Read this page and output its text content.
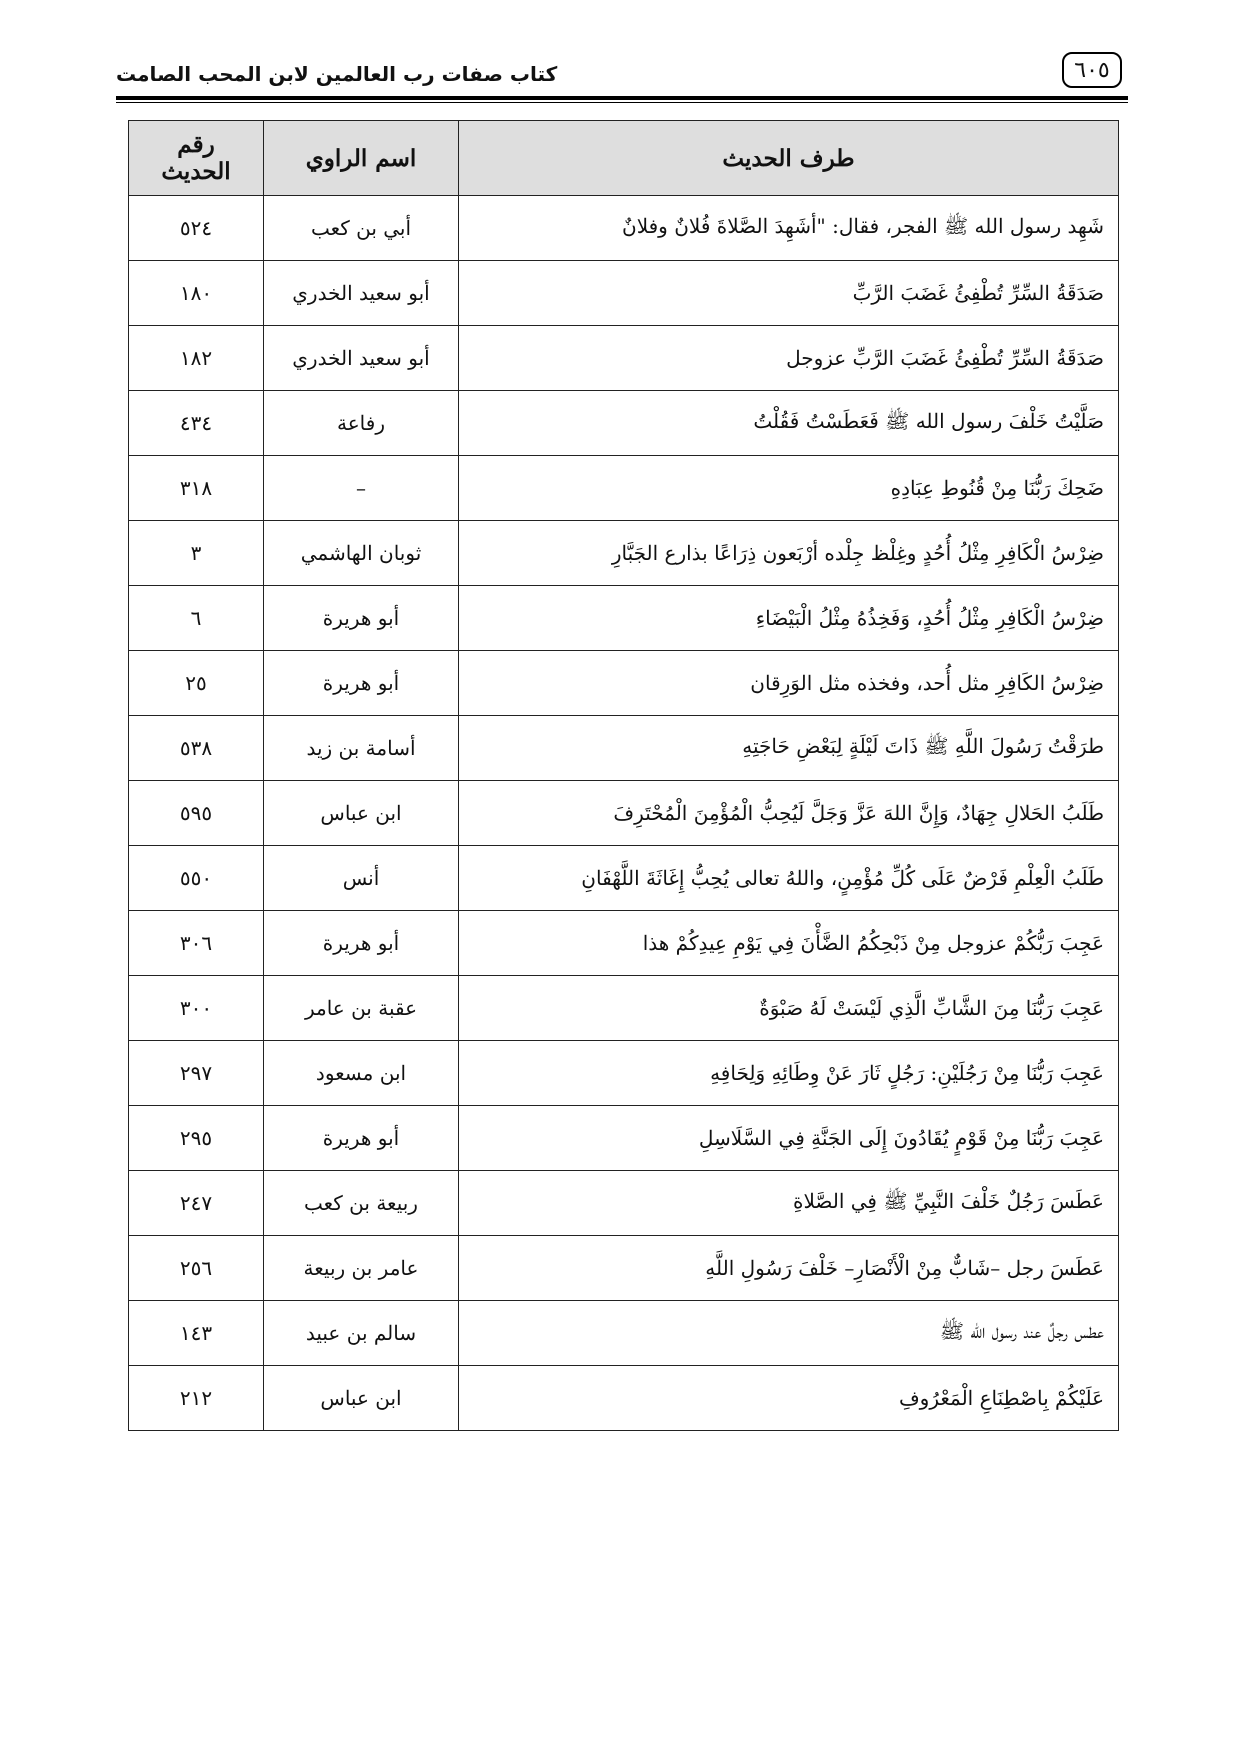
٦٠٥
كتاب صفات رب العالمين لابن المحب الصامت
طرف الحديث	اسم الراوي	رقم الحديث
شَهِد رسول الله ﷺ الفجر، فقال: "أشَهِدَ الصَّلاةَ فُلانٌ وفلانٌ	أبي بن كعب	٥٢٤
صَدَقَةُ السِّرِّ تُطْفِئُ غَضَبَ الرَّبِّ	أبو سعيد الخدري	١٨٠
صَدَقَةُ السِّرِّ تُطْفِئُ غَضَبَ الرَّبِّ عزوجل	أبو سعيد الخدري	١٨٢
صَلَّيْتُ خَلْفَ رسول الله ﷺ فَعَطَسْتُ فَقُلْتُ	رفاعة	٤٣٤
ضَحِكَ رَبُّنَا مِنْ قُنُوطِ عِبَادِهِ	–	٣١٨
ضِرْسُ الْكَافِرِ مِثْلُ أُحُدٍ وغِلْظ جِلْده أرْبَعون ذِرَاعًا بذارع الجَبَّارِ	ثوبان الهاشمي	٣
ضِرْسُ الْكَافِرِ مِثْلُ أُحُدٍ، وَفَخِذُهُ مِثْلُ الْبَيْضَاءِ	أبو هريرة	٦
ضِرْسُ الكَافِرِ مثل أُحد، وفخذه مثل الوَرِقان	أبو هريرة	٢٥
طرَقْتُ رَسُولَ اللَّهِ ﷺ ذَاتَ لَيْلَةٍ لِبَعْضِ حَاجَتِهِ	أسامة بن زيد	٥٣٨
طَلَبُ الحَلالِ جِهَادٌ، وَإِنَّ اللهَ عَزَّ وَجَلَّ لَيُحِبُّ الْمُؤْمِنَ الْمُحْتَرِفَ	ابن عباس	٥٩٥
طَلَبُ الْعِلْمِ فَرْضٌ عَلَى كُلِّ مُؤْمِنٍ، واللهُ تعالى يُحِبُّ إِغَاثَةَ اللَّهْفَانِ	أنس	٥٥٠
عَجِبَ رَبُّكُمْ عزوجل مِنْ ذَبْحِكُمُ الضَّأْنَ فِي يَوْمِ عِيدِكُمْ هذا	أبو هريرة	٣٠٦
عَجِبَ رَبُّنَا مِنَ الشَّابِّ الَّذِي لَيْسَتْ لَهُ صَبْوَةٌ	عقبة بن عامر	٣٠٠
عَجِبَ رَبُّنَا مِنْ رَجُلَيْنِ: رَجُلٍ ثَارَ عَنْ وِطَائِهِ وَلِحَافِهِ	ابن مسعود	٢٩٧
عَجِبَ رَبُّنَا مِنْ قَوْمٍ يُقَادُونَ إِلَى الجَنَّةِ فِي السَّلَاسِلِ	أبو هريرة	٢٩٥
عَطَسَ رَجُلٌ خَلْفَ النَّبِيِّ ﷺ فِي الصَّلاةِ	ربيعة بن كعب	٢٤٧
عَطَسَ رجل –شَابٌّ مِنْ الْأَنْصَارِ– خَلْفَ رَسُولِ اللَّهِ	عامر بن ربيعة	٢٥٦
عطس رجلٌ عند رسول الله ﷺ	سالم بن عبيد	١٤٣
عَلَيْكُمْ بِاصْطِنَاعِ الْمَعْرُوفِ	ابن عباس	٢١٢
